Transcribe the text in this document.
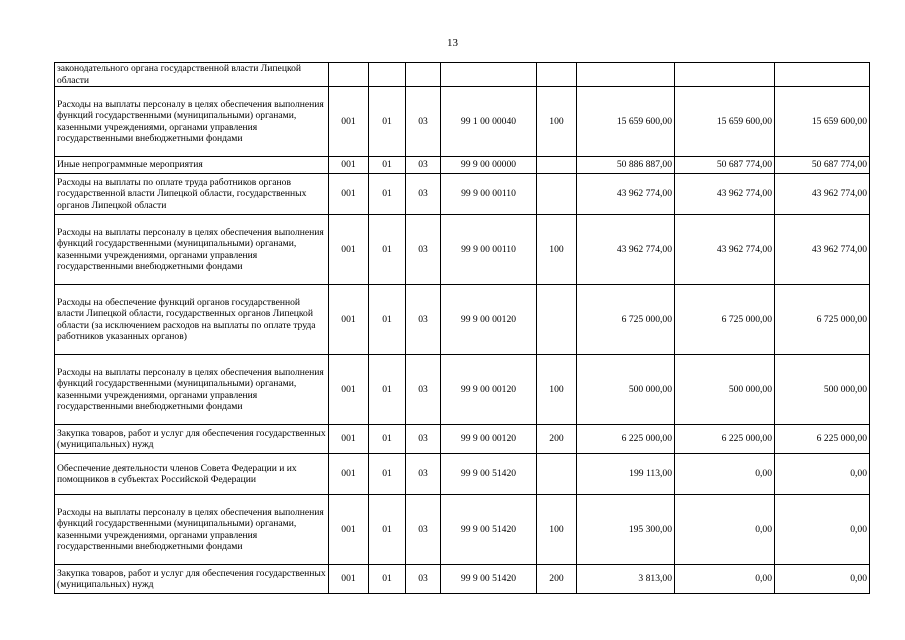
13
законодательного органа государственной власти Липецкой области								
Расходы на выплаты персоналу в целях обеспечения выполнения функций государственными (муниципальными) органами, казенными учреждениями, органами управления государственными внебюджетными фондами	001	01	03	99 1 00 00040	100	15 659 600,00	15 659 600,00	15 659 600,00
Иные непрограммные мероприятия	001	01	03	99 9 00 00000		50 886 887,00	50 687 774,00	50 687 774,00
Расходы на выплаты по оплате труда работников органов государственной власти Липецкой области, государственных органов Липецкой области	001	01	03	99 9 00 00110		43 962 774,00	43 962 774,00	43 962 774,00
Расходы на выплаты персоналу в целях обеспечения выполнения функций государственными (муниципальными) органами, казенными учреждениями, органами управления государственными внебюджетными фондами	001	01	03	99 9 00 00110	100	43 962 774,00	43 962 774,00	43 962 774,00
Расходы на обеспечение функций органов государственной власти Липецкой области, государственных органов Липецкой области (за исключением расходов на выплаты по оплате труда работников указанных органов)	001	01	03	99 9 00 00120		6 725 000,00	6 725 000,00	6 725 000,00
Расходы на выплаты персоналу в целях обеспечения выполнения функций государственными (муниципальными) органами, казенными учреждениями, органами управления государственными внебюджетными фондами	001	01	03	99 9 00 00120	100	500 000,00	500 000,00	500 000,00
Закупка товаров, работ и услуг для обеспечения государственных (муниципальных) нужд	001	01	03	99 9 00 00120	200	6 225 000,00	6 225 000,00	6 225 000,00
Обеспечение деятельности членов Совета Федерации и их помощников в субъектах Российской Федерации	001	01	03	99 9 00 51420		199 113,00	0,00	0,00
Расходы на выплаты персоналу в целях обеспечения выполнения функций государственными (муниципальными) органами, казенными учреждениями, органами управления государственными внебюджетными фондами	001	01	03	99 9 00 51420	100	195 300,00	0,00	0,00
Закупка товаров, работ и услуг для обеспечения государственных (муниципальных) нужд	001	01	03	99 9 00 51420	200	3 813,00	0,00	0,00
